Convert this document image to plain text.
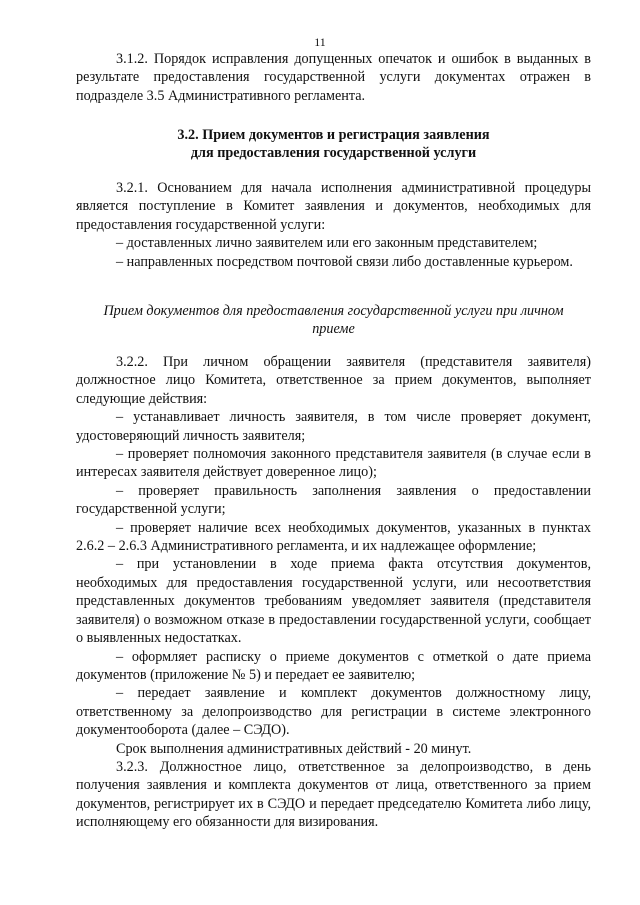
11

3.1.2. Порядок исправления допущенных опечаток и ошибок в выданных в результате предоставления государственной услуги документах отражен в подразделе 3.5 Административного регламента.

3.2. Прием документов и регистрация заявления

для предоставления государственной услуги

3.2.1. Основанием для начала исполнения административной процедуры является поступление в Комитет заявления и документов, необходимых для предоставления государственной услуги:

– доставленных лично заявителем или его законным представителем;

– направленных посредством почтовой связи либо доставленные курьером.

Прием документов для предоставления государственной услуги при личном

приеме

3.2.2. При личном обращении заявителя (представителя заявителя) должностное лицо Комитета, ответственное за прием документов, выполняет следующие действия:

– устанавливает личность заявителя, в том числе проверяет документ, удостоверяющий личность заявителя;

– проверяет полномочия законного представителя заявителя (в случае если в интересах заявителя действует доверенное лицо);

– проверяет правильность заполнения заявления о предоставлении государственной услуги;

– проверяет наличие всех необходимых документов, указанных в пунктах 2.6.2 – 2.6.3 Административного регламента, и их надлежащее оформление;

– при установлении в ходе приема факта отсутствия документов, необходимых для предоставления государственной услуги, или несоответствия представленных документов требованиям уведомляет заявителя (представителя заявителя) о возможном отказе в предоставлении государственной услуги, сообщает о выявленных недостатках.

– оформляет расписку о приеме документов с отметкой о дате приема документов (приложение № 5) и передает ее заявителю;

– передает заявление и комплект документов должностному лицу, ответственному за делопроизводство для регистрации в системе электронного документооборота (далее – СЭДО).

Срок выполнения административных действий - 20 минут.

3.2.3. Должностное лицо, ответственное за делопроизводство, в день получения заявления и комплекта документов от лица, ответственного за прием документов, регистрирует их в СЭДО и передает председателю Комитета либо лицу, исполняющему его обязанности для визирования.
